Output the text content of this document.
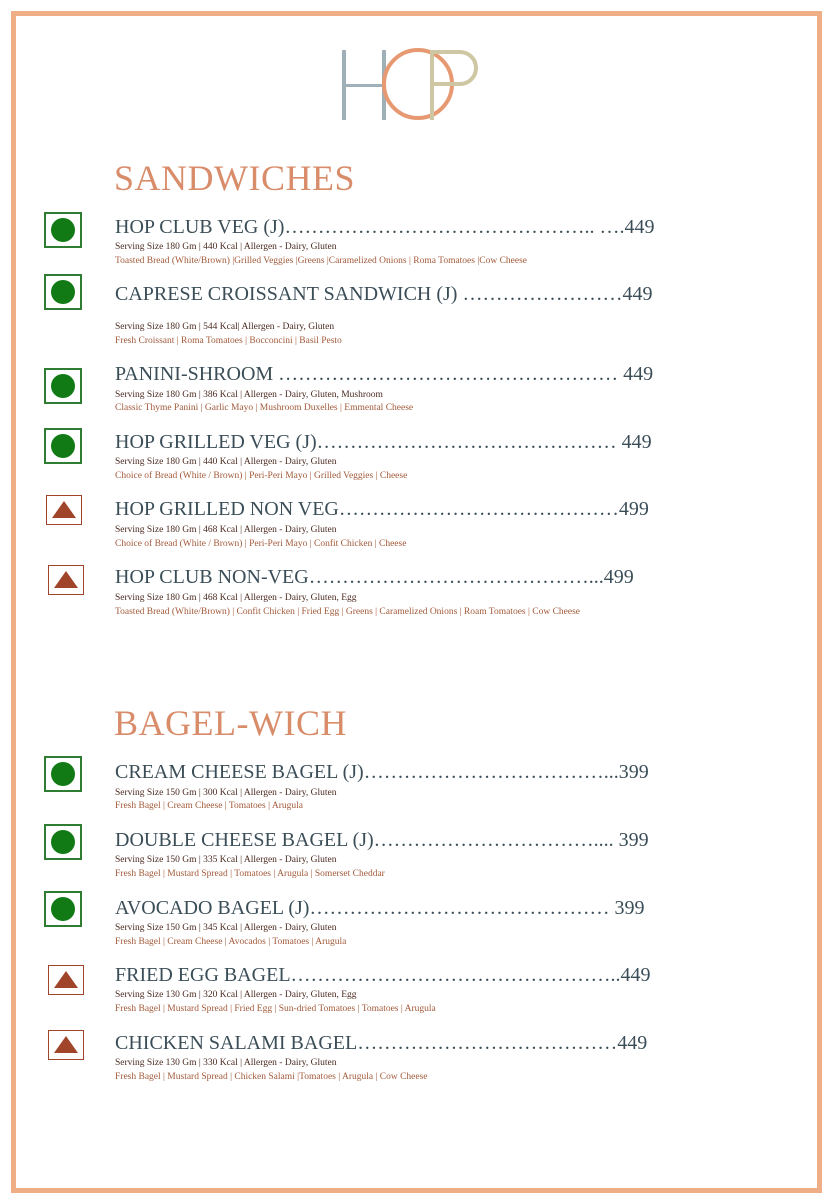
SANDWICHES
BAGEL-WICH
HOP CLUB VEG (J)……………………………………….. ….449
Serving Size 180 Gm | 440 Kcal | Allergen - Dairy, Gluten
Toasted Bread (White/Brown) |Grilled Veggies |Greens |Caramelized Onions | Roma Tomatoes |Cow Cheese
CAPRESE CROISSANT SANDWICH (J) ……………………449
Serving Size 180 Gm | 544 Kcal| Allergen - Dairy, Gluten
Fresh Croissant | Roma Tomatoes | Bocconcini | Basil Pesto
PANINI-SHROOM …………………………………………… 449
Serving Size 180 Gm | 386 Kcal | Allergen - Dairy, Gluten, Mushroom
Classic Thyme Panini | Garlic Mayo | Mushroom Duxelles | Emmental Cheese
HOP GRILLED VEG (J)……………………………………… 449
Serving Size 180 Gm | 440 Kcal | Allergen - Dairy, Gluten
Choice of Bread (White / Brown) | Peri-Peri Mayo | Grilled Veggies | Cheese
HOP GRILLED NON VEG……………………………………499
Serving Size 180 Gm | 468 Kcal | Allergen - Dairy, Gluten
Choice of Bread (White / Brown) | Peri-Peri Mayo | Confit Chicken | Cheese
HOP CLUB NON-VEG……………………………………...499
Serving Size 180 Gm | 468 Kcal | Allergen - Dairy, Gluten, Egg
Toasted Bread (White/Brown) | Confit Chicken | Fried Egg | Greens | Caramelized Onions | Roam Tomatoes | Cow Cheese
CREAM CHEESE BAGEL (J)………………………………...399
Serving Size 150 Gm | 300 Kcal | Allergen - Dairy, Gluten
Fresh Bagel | Cream Cheese | Tomatoes | Arugula
DOUBLE CHEESE BAGEL (J)…………………………….... 399
Serving Size 150 Gm | 335 Kcal | Allergen - Dairy, Gluten
Fresh Bagel | Mustard Spread | Tomatoes | Arugula | Somerset Cheddar
AVOCADO BAGEL (J)……………………………………… 399
Serving Size 150 Gm | 345 Kcal | Allergen - Dairy, Gluten
Fresh Bagel | Cream Cheese | Avocados | Tomatoes | Arugula
FRIED EGG BAGEL…………………………………………..449
Serving Size 130 Gm | 320 Kcal | Allergen - Dairy, Gluten, Egg
Fresh Bagel | Mustard Spread | Fried Egg | Sun-dried Tomatoes | Tomatoes | Arugula
CHICKEN SALAMI BAGEL…………………………………449
Serving Size 130 Gm | 330 Kcal | Allergen - Dairy, Gluten
Fresh Bagel | Mustard Spread | Chicken Salami |Tomatoes | Arugula | Cow Cheese
